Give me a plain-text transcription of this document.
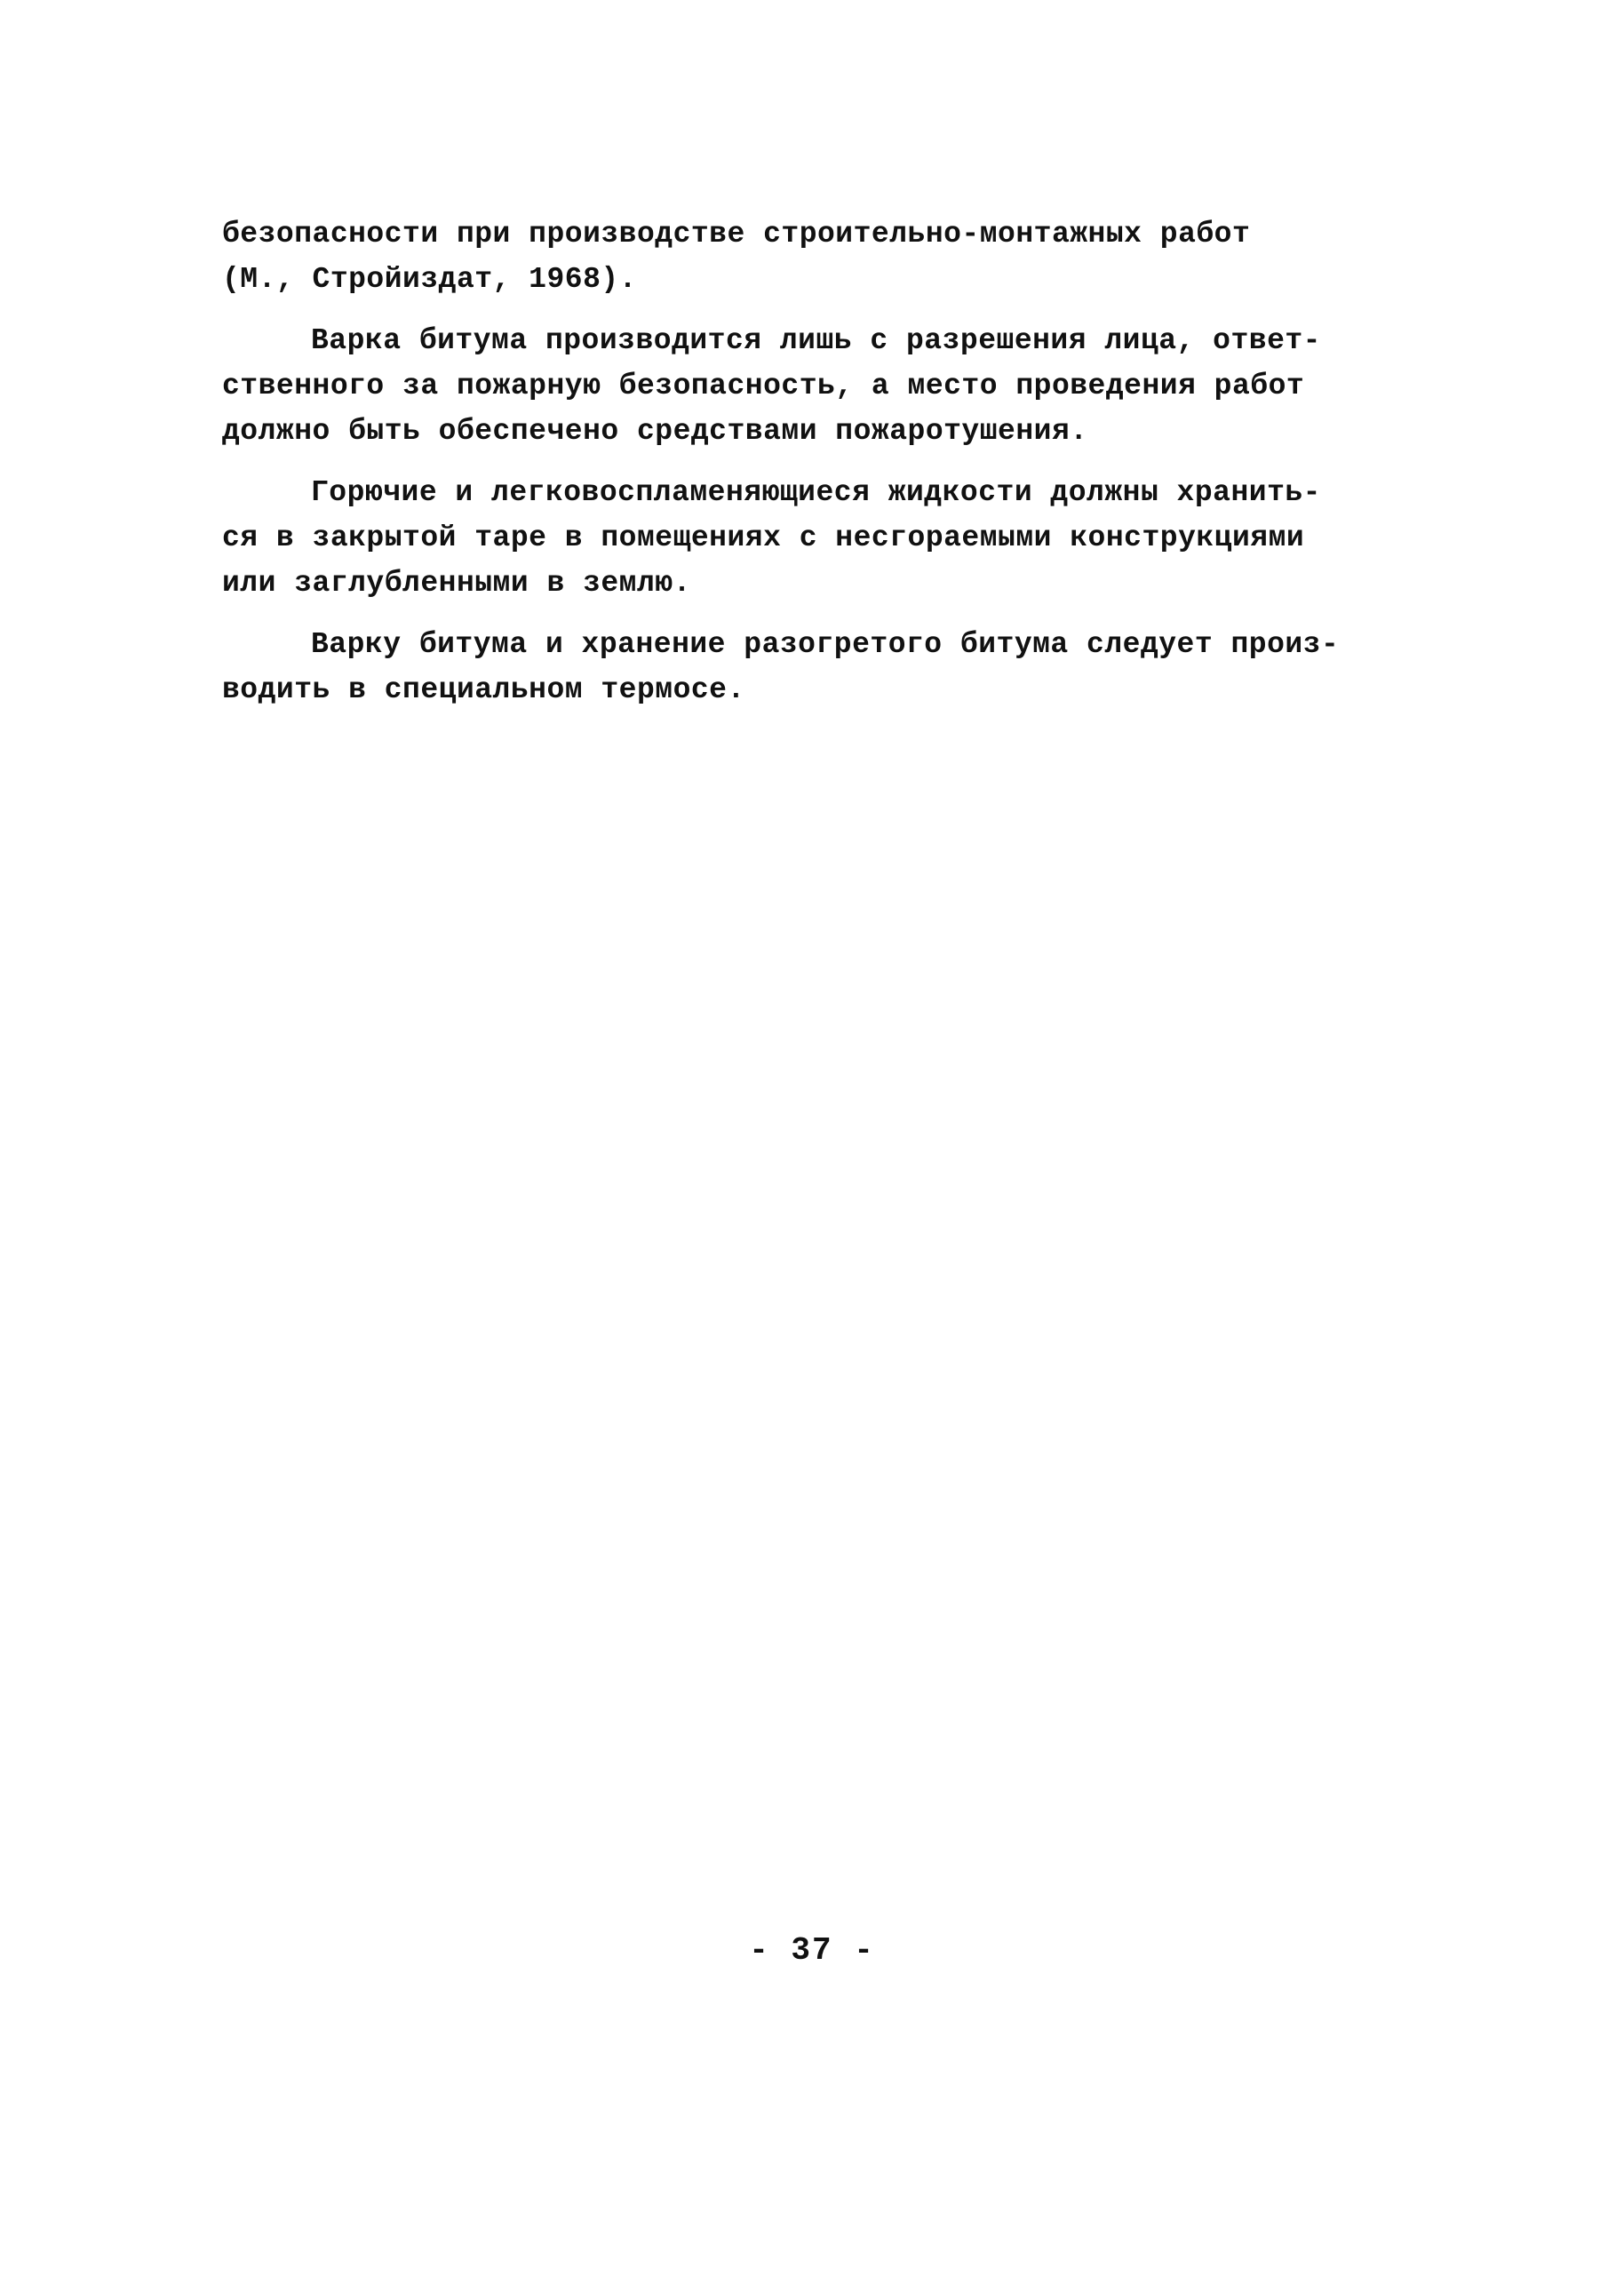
безопасности при производстве строительно-монтажных работ
(М., Стройиздат, 1968).
Варка битума производится лишь с разрешения лица, ответ-
ственного за пожарную безопасность, а место проведения работ
должно быть обеспечено средствами пожаротушения.
Горючие и легковоспламеняющиеся жидкости должны хранить-
ся в закрытой таре в помещениях с несгораемыми конструкциями
или заглубленными в землю.
Варку битума и хранение разогретого битума следует произ-
водить в специальном термосе.
- 37 -
